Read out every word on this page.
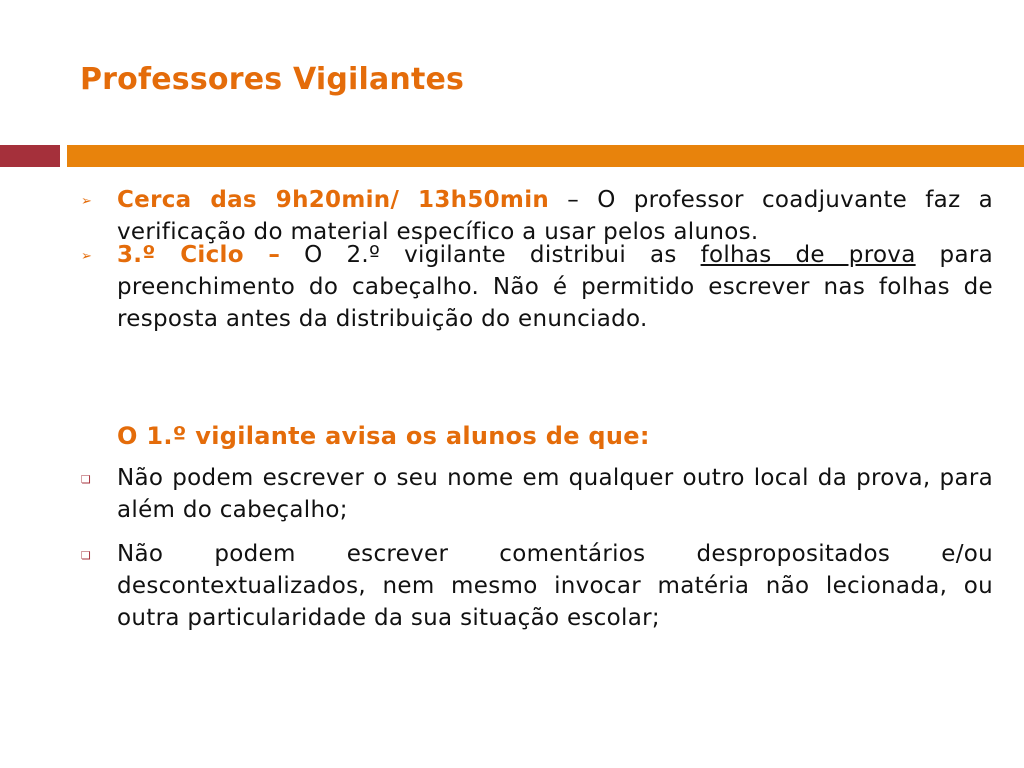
Professores Vigilantes
➢ Cerca das 9h20min/ 13h50min – O professor coadjuvante faz a verificação do material específico a usar pelos alunos.
➢ 3.º Ciclo – O 2.º vigilante distribui as folhas de prova para preenchimento do cabeçalho. Não é permitido escrever nas folhas de resposta antes da distribuição do enunciado.
O 1.º vigilante avisa os alunos de que:
❏ Não podem escrever o seu nome em qualquer outro local da prova, para além do cabeçalho;
❏ Não podem escrever comentários despropositados e/ou descontextualizados, nem mesmo invocar matéria não lecionada, ou outra particularidade da sua situação escolar;
